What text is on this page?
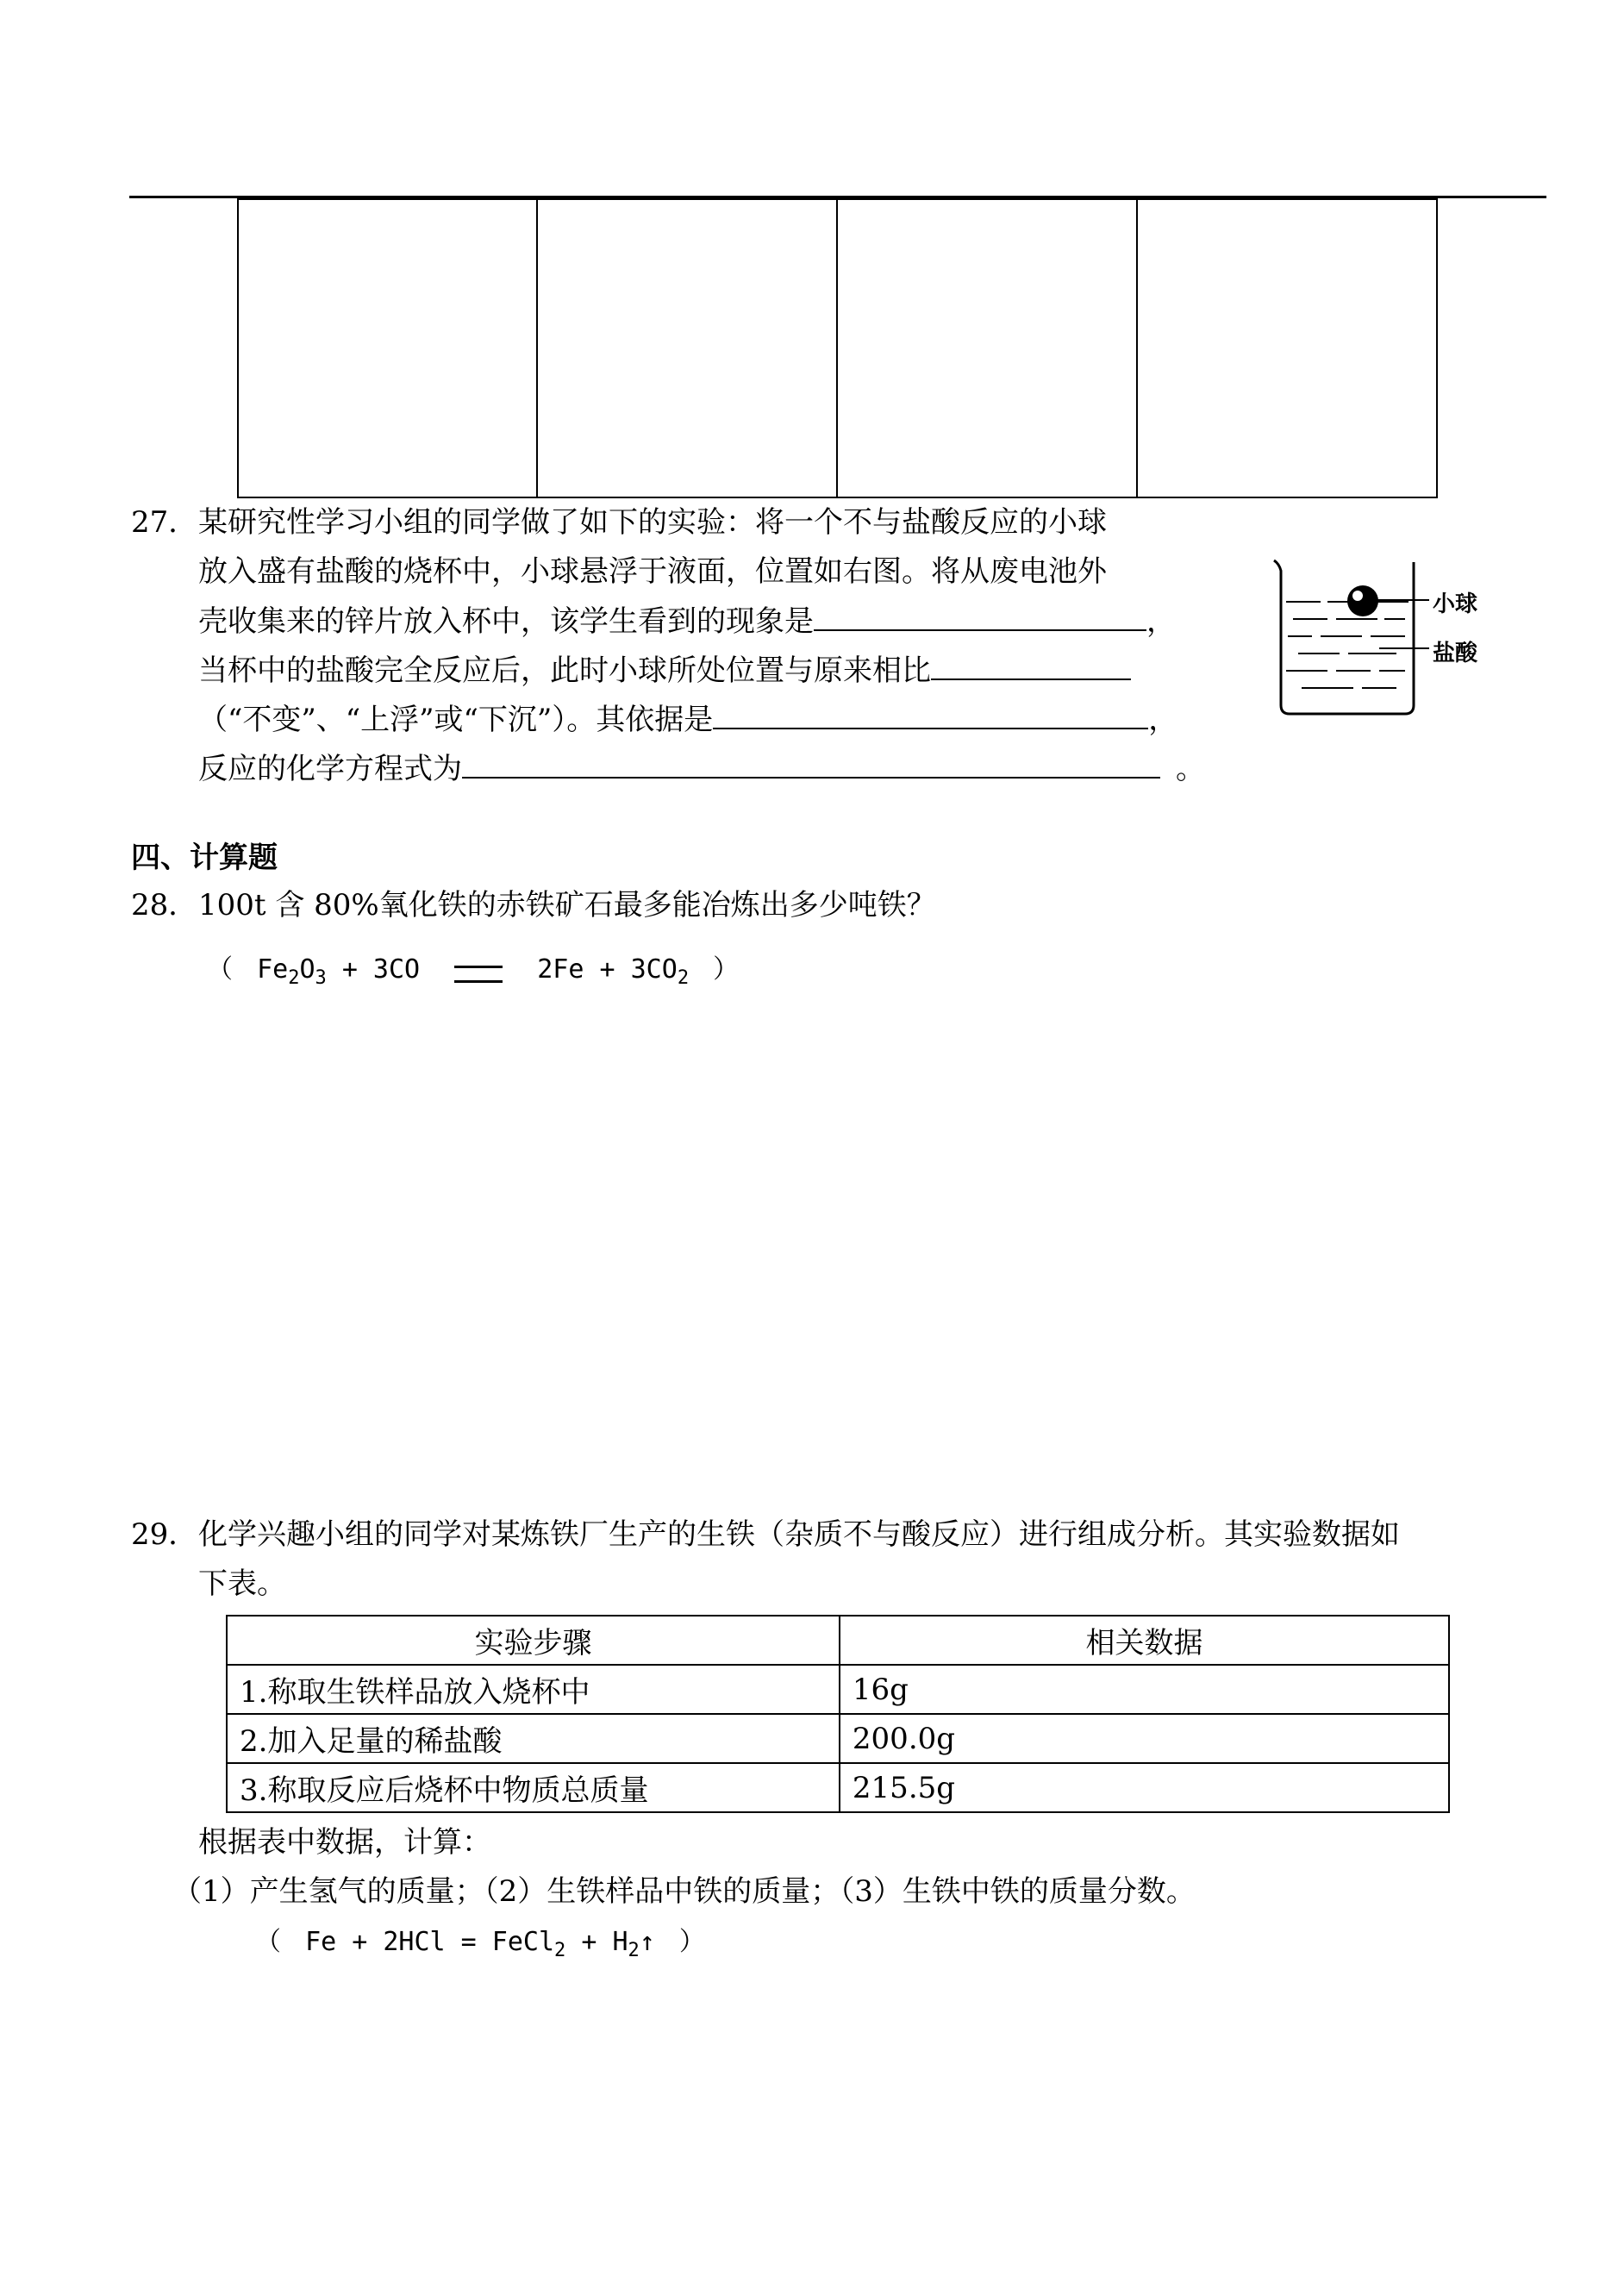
27． 某研究性学习小组的同学做了如下的实验：将一个不与盐酸反应的小球
放入盛有盐酸的烧杯中，小球悬浮于液面，位置如右图。将从废电池外
壳收集来的锌片放入杯中，该学生看到的现象是	，
当杯中的盐酸完全反应后，此时小球所处位置与原来相比
（“不变”、“上浮”或“下沉”）。其依据是	，
反应的化学方程式为	。
小球
盐酸
四、计算题
28． 100t 含 80%氧化铁的赤铁矿石最多能冶炼出多少吨铁？
（ $Fe_2O_3 + 3CO$	$2Fe + 3CO_2$ ）
29． 化学兴趣小组的同学对某炼铁厂生产的生铁（杂质不与酸反应）进行组成分析。其实验数据如
下表。
实验步骤	相关数据
1.称取生铁样品放入烧杯中	16g
2.加入足量的稀盐酸	200.0g
3.称取反应后烧杯中物质总质量	215.5g
根据表中数据，计算：
（1）产生氢气的质量；（2）生铁样品中铁的质量；（3）生铁中铁的质量分数。
（ Fe + 2HCl = FeCl$_2$ + $H_2↑$ ）
